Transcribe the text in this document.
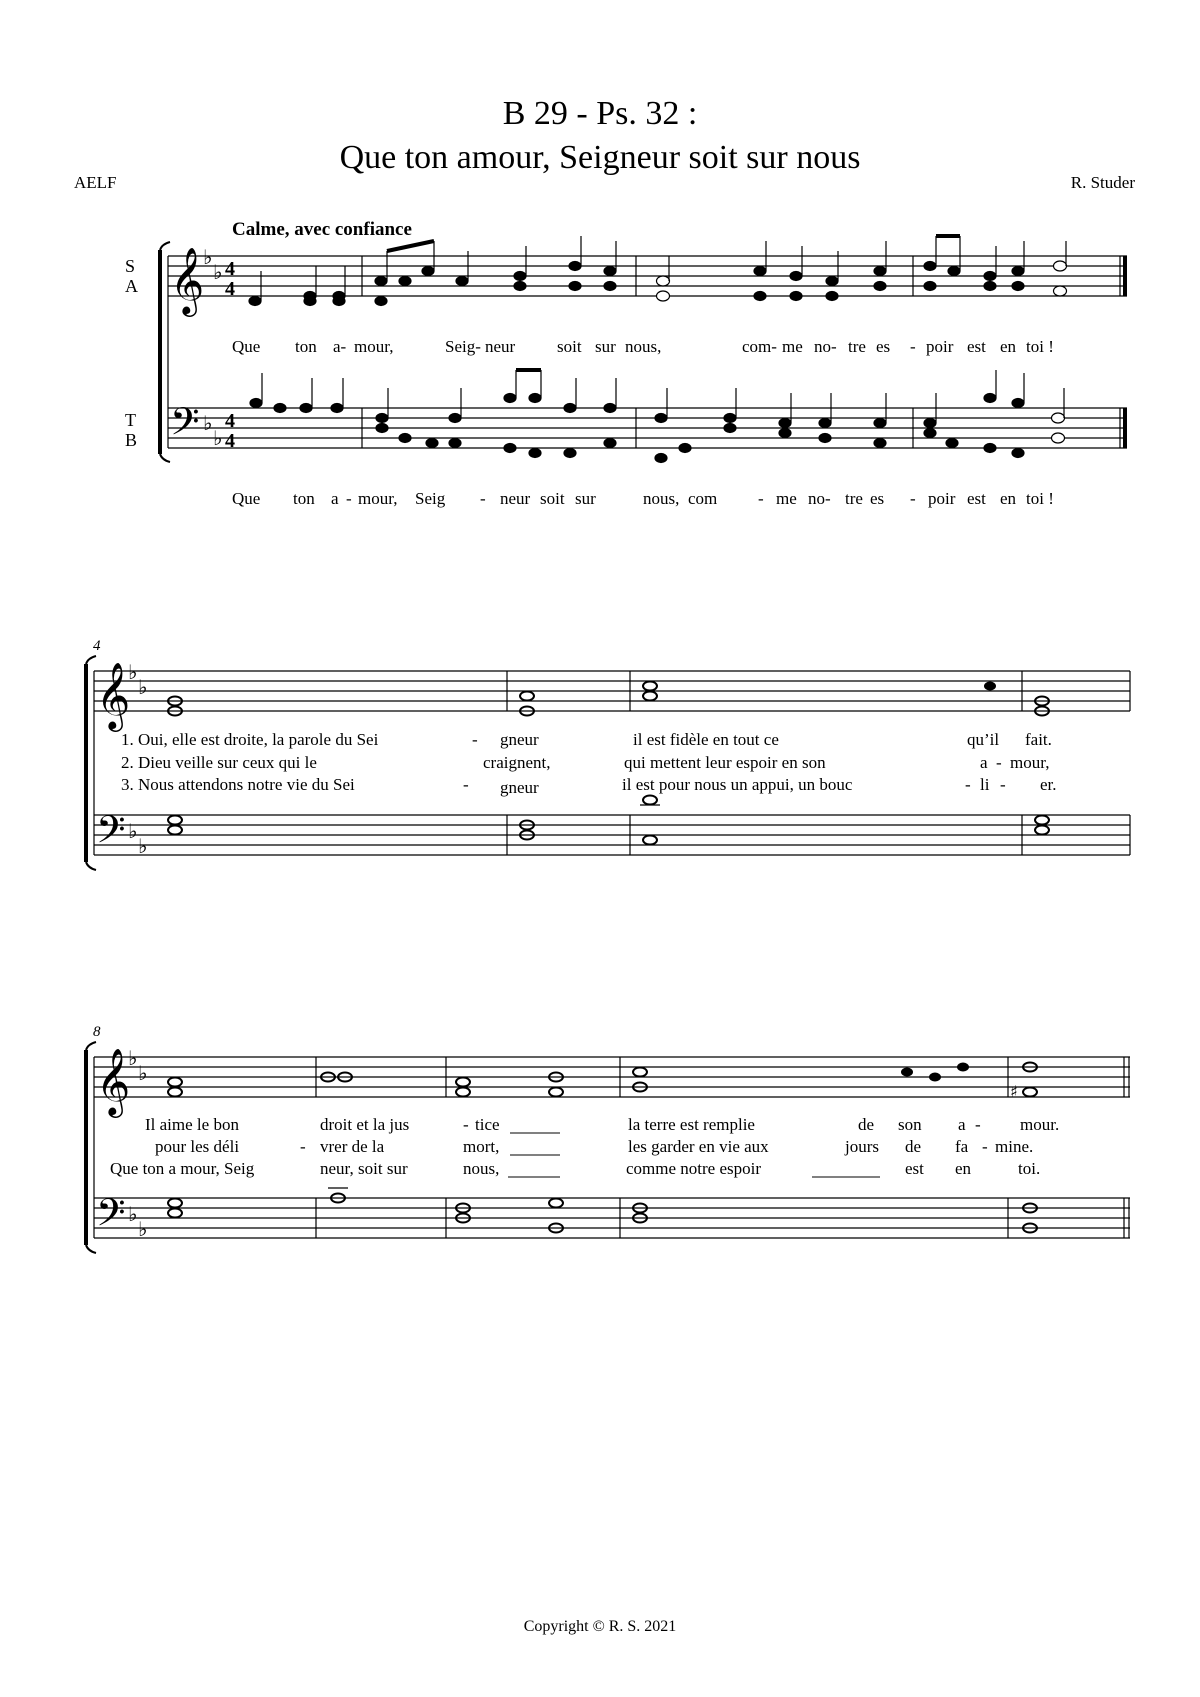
B 29 - Ps. 32 :
Que ton amour, Seigneur soit sur nous
AELF	R. Studer
Calme, avec confiance
𝄞
𝄢
♭
♭
♭
♭
4
4
4
4
S
A
T
B
4
𝄞
𝄢
♭
♭
♭
♭
8
𝄞
𝄢
♭
♭
♭
♭
♯
Que ton a- mour,	Seig- neur soit sur nous,	com- me no- tre es - poir est en toi !
Que ton a - mour, Seig - neur soit sur	nous, com - me no- tre es - poir est en toi !
1. Oui, elle est droite, la parole du Sei	- gneur	il est fidèle en tout ce	qu’il fait.
2. Dieu veille sur ceux qui le	craignent,	qui mettent leur espoir en son	a - mour,
3. Nous attendons notre vie du Sei	- gneur	il est pour nous un appui, un bouc	- li - er.
Il aime le bon	droit et la jus	- tice	la terre est remplie	de son a - mour.
pour les déli	- vrer de la	mort,	les garder en vie aux	jours de fa - mine.
Que ton a mour, Seig	neur, soit sur	nous,	comme notre espoir	est en	toi.
Copyright © R. S. 2021
